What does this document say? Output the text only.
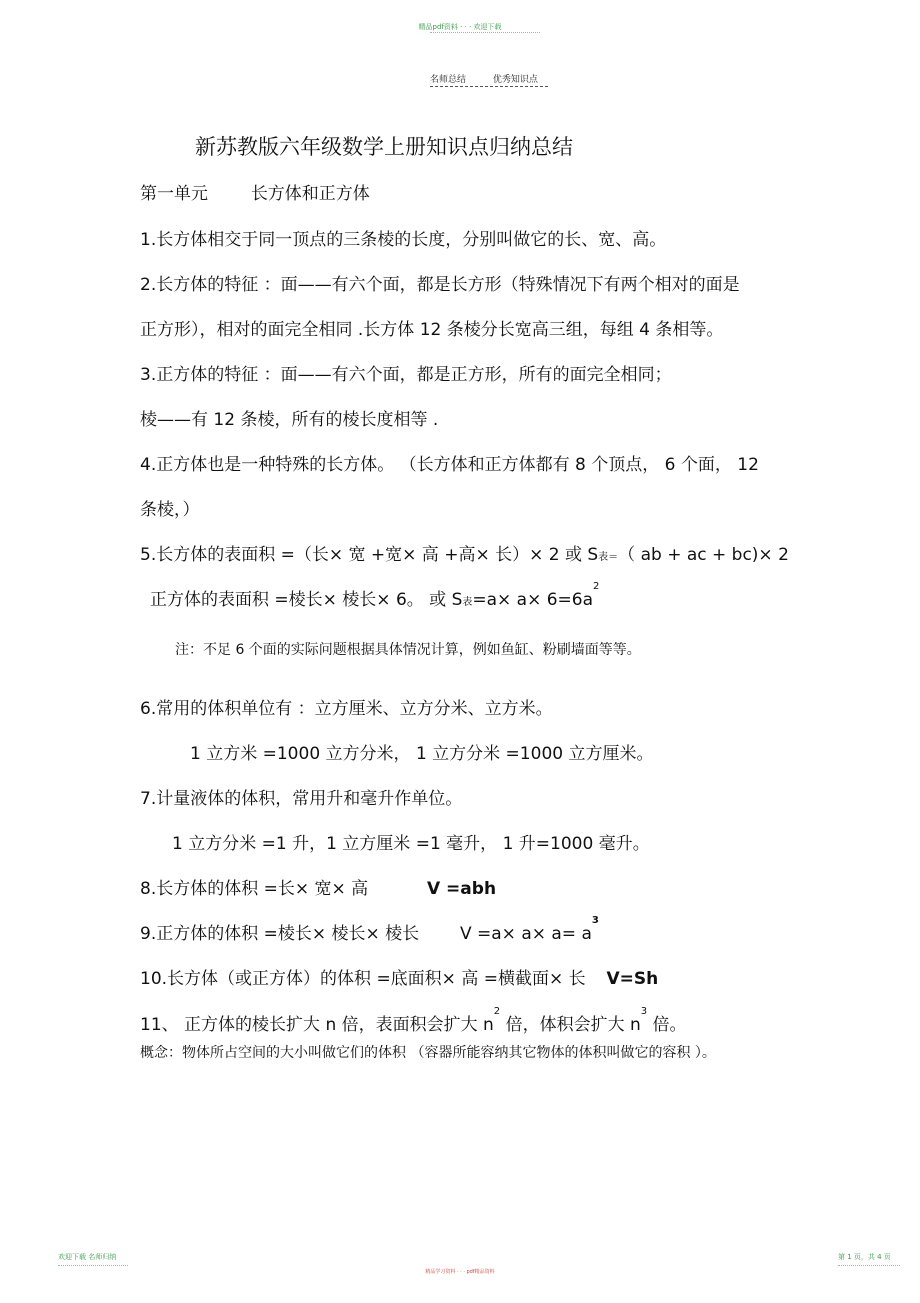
精品pdf资料 · · · 欢迎下载
名师总结	优秀知识点
新苏教版六年级数学上册知识点归纳总结
第一单元	长方体和正方体
1.长方体相交于同一顶点的三条棱的长度，分别叫做它的长、宽、高。
2.长方体的特征 ：面——有六个面，都是长方形（特殊情况下有两个相对的面是
正方形），相对的面完全相同 .长方体 12 条棱分长宽高三组，每组 4 条相等。
3.正方体的特征 ：面——有六个面，都是正方形，所有的面完全相同；
棱——有 12 条棱，所有的棱长度相等 .
4.正方体也是一种特殊的长方体。 （长方体和正方体都有 8 个顶点， 6 个面， 12
条棱，）
5.长方体的表面积 =（长× 宽 +宽× 高 +高× 长）× 2 或 S表＝（ ab + ac + bc)× 2
正方体的表面积 =棱长× 棱长× 6。 或 S表$=a\times a\times 6=6a^2$
注：不足 6 个面的实际问题根据具体情况计算，例如鱼缸、粉刷墙面等等。
6.常用的体积单位有 ：立方厘米、立方分米、立方米。
1 立方米 =1000 立方分米， 1 立方分米 =1000 立方厘米。
7.计量液体的体积，常用升和毫升作单位。
1 立方分米 =1 升，1 立方厘米 =1 毫升， 1 升=1000 毫升。
8.长方体的体积 =长× 宽× 高	V =abh
9.正方体的体积 =棱长× 棱长× 棱长 $V =a\times a\times a= a^3$
10.长方体（或正方体）的体积 =底面积× 高 =横截面× 长 V=Sh
11、 正方体的棱长扩大 n 倍，表面积会扩大 $n^2$ 倍，体积会扩大 $n^3$ 倍。
概念：物体所占空间的大小叫做它们的体积 （容器所能容纳其它物体的体积叫做它的容积 ）。
欢迎下载 名师归纳
精品学习资料 · · · pdf精品资料
第 1 页，共 4 页
